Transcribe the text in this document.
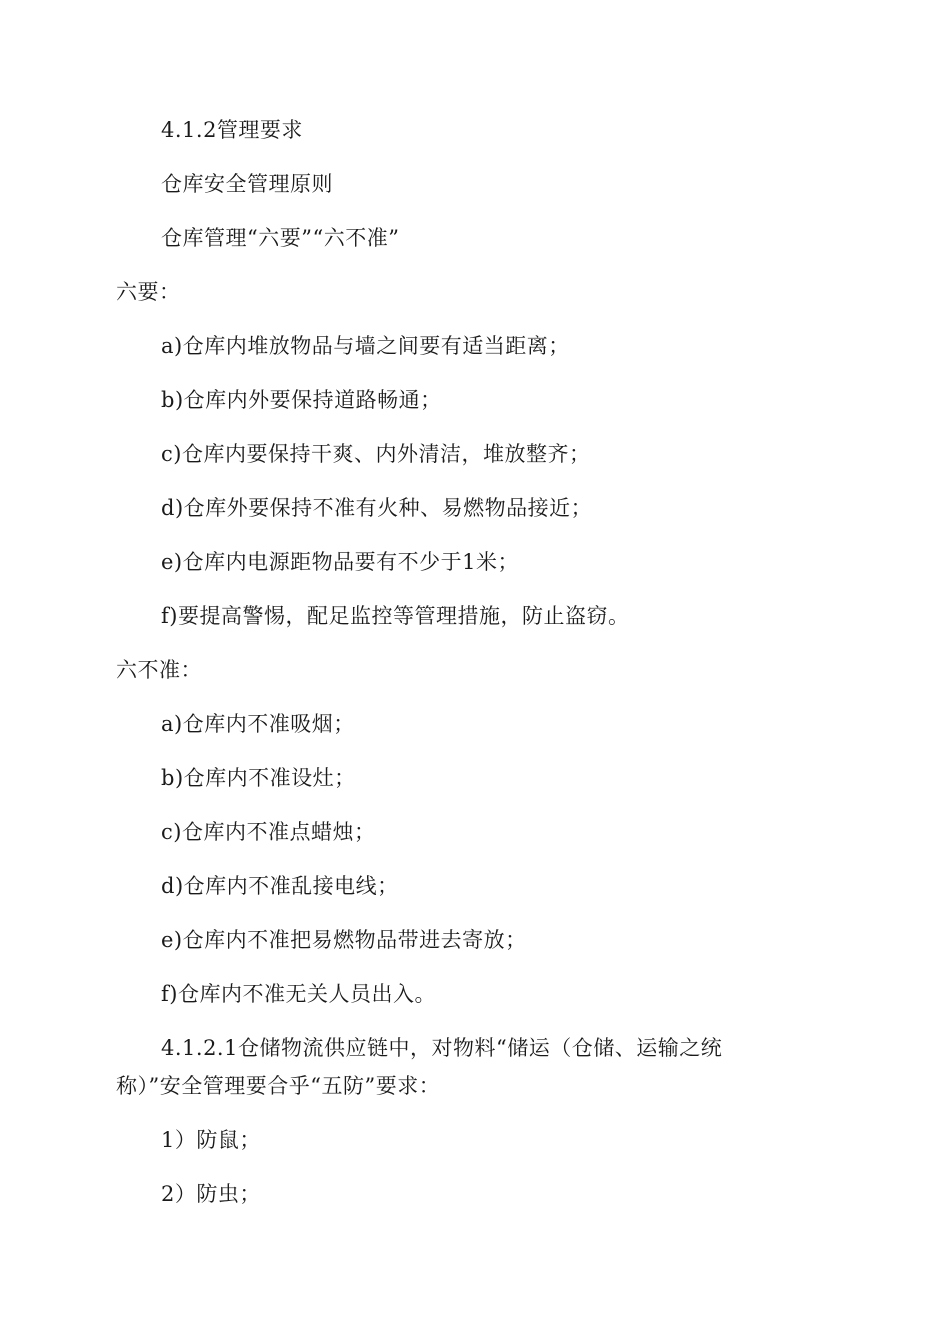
4.1.2管理要求
仓库安全管理原则
仓库管理“六要”“六不准”
六要：
a)仓库内堆放物品与墙之间要有适当距离；
b)仓库内外要保持道路畅通；
c)仓库内要保持干爽、内外清洁，堆放整齐；
d)仓库外要保持不准有火种、易燃物品接近；
e)仓库内电源距物品要有不少于1米；
f)要提高警惕，配足监控等管理措施，防止盗窃。
六不准：
a)仓库内不准吸烟；
b)仓库内不准设灶；
c)仓库内不准点蜡烛；
d)仓库内不准乱接电线；
e)仓库内不准把易燃物品带进去寄放；
f)仓库内不准无关人员出入。
4.1.2.1仓储物流供应链中，对物料“储运（仓储、运输之统
称）”安全管理要合乎“五防”要求：
1）防鼠；
2）防虫；
